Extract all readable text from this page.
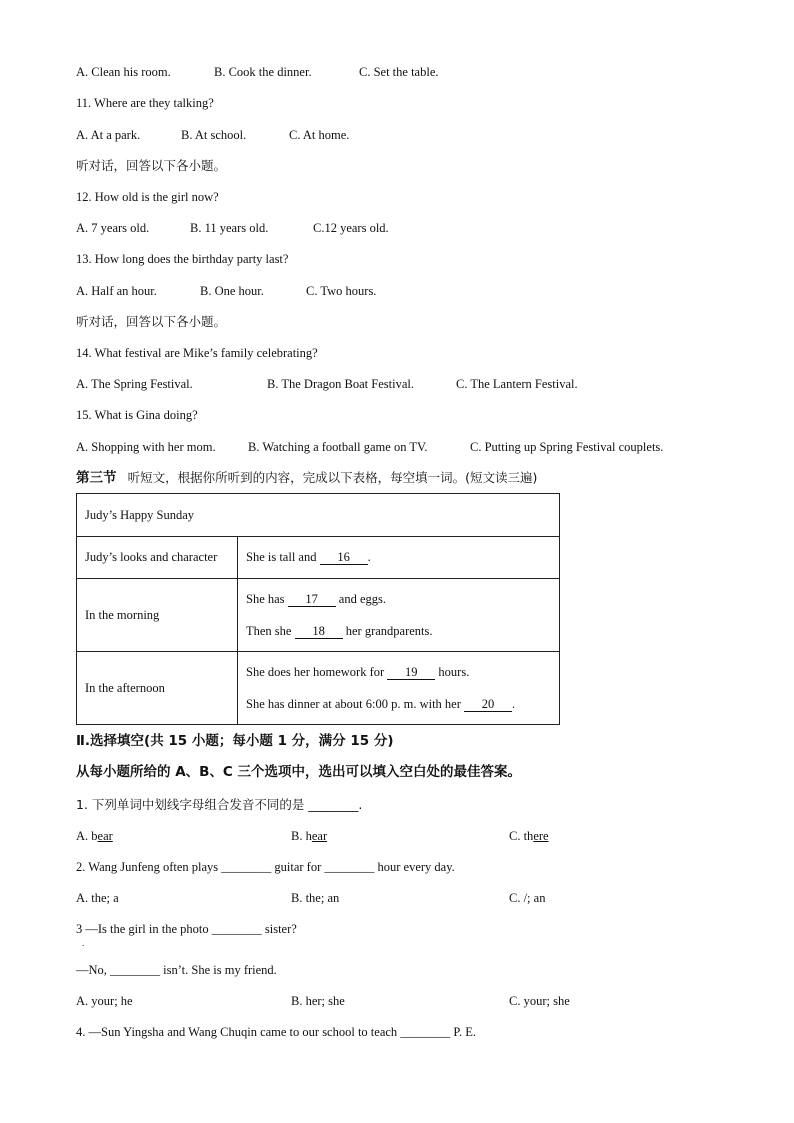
A. Clean his room.	B. Cook the dinner.	C. Set the table.
11. Where are they talking?
A. At a park.	B. At school.	C. At home.
听对话，回答以下各小题。
12. How old is the girl now?
A. 7 years old.	B. 11 years old.	C.12 years old.
13. How long does the birthday party last?
A. Half an hour.	B. One hour.	C. Two hours.
听对话，回答以下各小题。
14. What festival are Mike’s family celebrating?
A. The Spring Festival.	B. The Dragon Boat Festival.	C. The Lantern Festival.
15. What is Gina doing?
A. Shopping with her mom.	B. Watching a football game on TV.	C. Putting up Spring Festival couplets.
第三节 听短文，根据你所听到的内容，完成以下表格，每空填一词。(短文读三遍)
Judy’s Happy Sunday	
Judy’s looks and character	She is tall and 16 .
In the morning	She has 17 and eggs.

Then she 18 her grandparents.

In the afternoon	She does her homework for 19 hours.

She has dinner at about 6:00 p. m. with her 20 .

Ⅱ.选择填空(共 15 小题；每小题 1 分，满分 15 分)
从每小题所给的 A、B、C 三个选项中，选出可以填入空白处的最佳答案。
1. 下列单词中划线字母组合发音不同的是 ________.
A. bear	B. hear	C. there
2. Wang Junfeng often plays ________ guitar for ________ hour every day.
A. the; a	B. the; an	C. /; an
3 —Is the girl in the photo ________ sister?
.
—No, ________ isn’t. She is my friend.
A. your; he	B. her; she	C. your; she
4. —Sun Yingsha and Wang Chuqin came to our school to teach ________ P. E.
